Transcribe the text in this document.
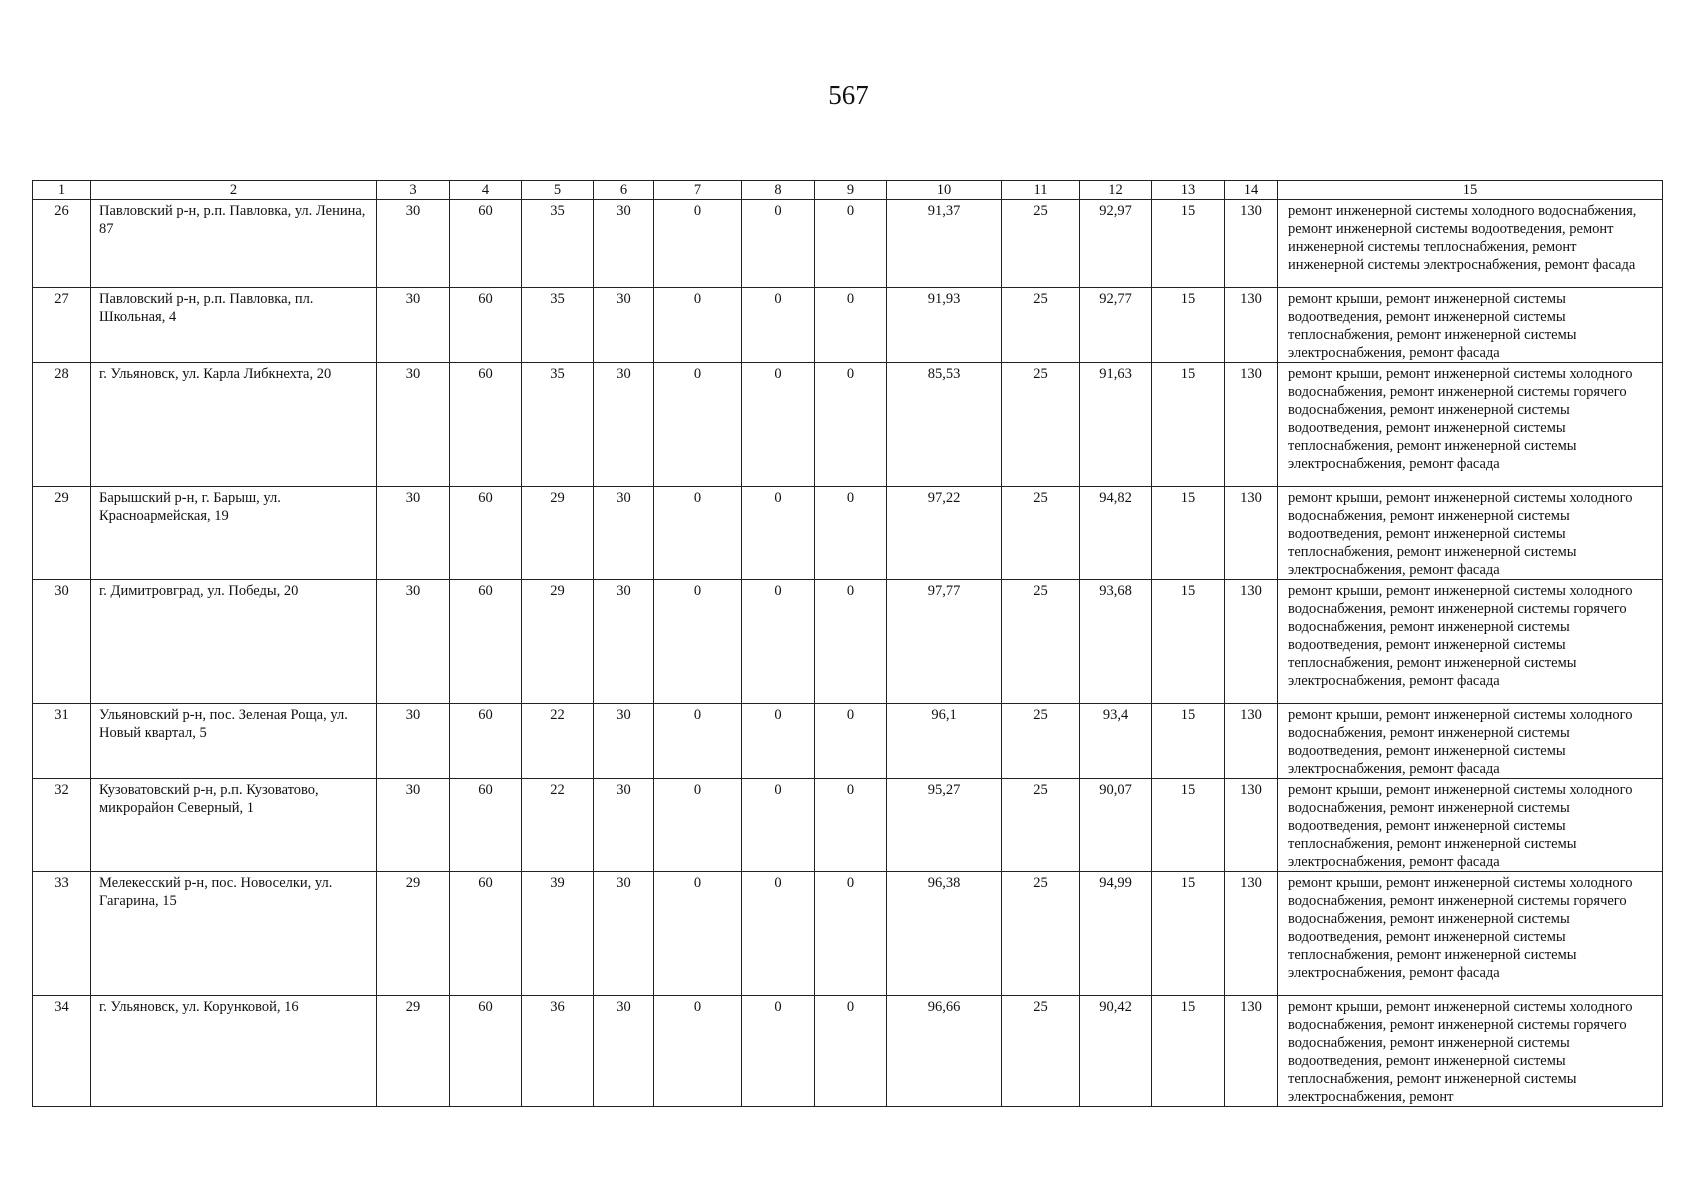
567
1	2	3	4	5	6	7	8	9	10	11	12	13	14	15
26	Павловский р-н, р.п. Павловка, ул. Ленина, 87	30	60	35	30	0	0	0	91,37	25	92,97	15	130	ремонт инженерной системы холодного водоснабжения, ремонт инженерной системы водоотведения, ремонт инженерной системы теплоснабжения, ремонт инженерной системы электроснабжения, ремонт фасада
27	Павловский р-н, р.п. Павловка, пл. Школьная, 4	30	60	35	30	0	0	0	91,93	25	92,77	15	130	ремонт крыши, ремонт инженерной системы водоотведения, ремонт инженерной системы теплоснабжения, ремонт инженерной системы электроснабжения, ремонт фасада
28	г. Ульяновск, ул. Карла Либкнехта, 20	30	60	35	30	0	0	0	85,53	25	91,63	15	130	ремонт крыши, ремонт инженерной системы холодного водоснабжения, ремонт инженерной системы горячего водоснабжения, ремонт инженерной системы водоотведения, ремонт инженерной системы теплоснабжения, ремонт инженерной системы электроснабжения, ремонт фасада
29	Барышский р-н, г. Барыш, ул. Красноармейская, 19	30	60	29	30	0	0	0	97,22	25	94,82	15	130	ремонт крыши, ремонт инженерной системы холодного водоснабжения, ремонт инженерной системы водоотведения, ремонт инженерной системы теплоснабжения, ремонт инженерной системы электроснабжения, ремонт фасада
30	г. Димитровград, ул. Победы, 20	30	60	29	30	0	0	0	97,77	25	93,68	15	130	ремонт крыши, ремонт инженерной системы холодного водоснабжения, ремонт инженерной системы горячего водоснабжения, ремонт инженерной системы водоотведения, ремонт инженерной системы теплоснабжения, ремонт инженерной системы электроснабжения, ремонт фасада
31	Ульяновский р-н, пос. Зеленая Роща, ул. Новый квартал, 5	30	60	22	30	0	0	0	96,1	25	93,4	15	130	ремонт крыши, ремонт инженерной системы холодного водоснабжения, ремонт инженерной системы водоотведения, ремонт инженерной системы электроснабжения, ремонт фасада
32	Кузоватовский р-н, р.п. Кузоватово, микрорайон Северный, 1	30	60	22	30	0	0	0	95,27	25	90,07	15	130	ремонт крыши, ремонт инженерной системы холодного водоснабжения, ремонт инженерной системы водоотведения, ремонт инженерной системы теплоснабжения, ремонт инженерной системы электроснабжения, ремонт фасада
33	Мелекесский р-н, пос. Новоселки, ул. Гагарина, 15	29	60	39	30	0	0	0	96,38	25	94,99	15	130	ремонт крыши, ремонт инженерной системы холодного водоснабжения, ремонт инженерной системы горячего водоснабжения, ремонт инженерной системы водоотведения, ремонт инженерной системы теплоснабжения, ремонт инженерной системы электроснабжения, ремонт фасада
34	г. Ульяновск, ул. Корунковой, 16	29	60	36	30	0	0	0	96,66	25	90,42	15	130	ремонт крыши, ремонт инженерной системы холодного водоснабжения, ремонт инженерной системы горячего водоснабжения, ремонт инженерной системы водоотведения, ремонт инженерной системы теплоснабжения, ремонт инженерной системы электроснабжения, ремонт
